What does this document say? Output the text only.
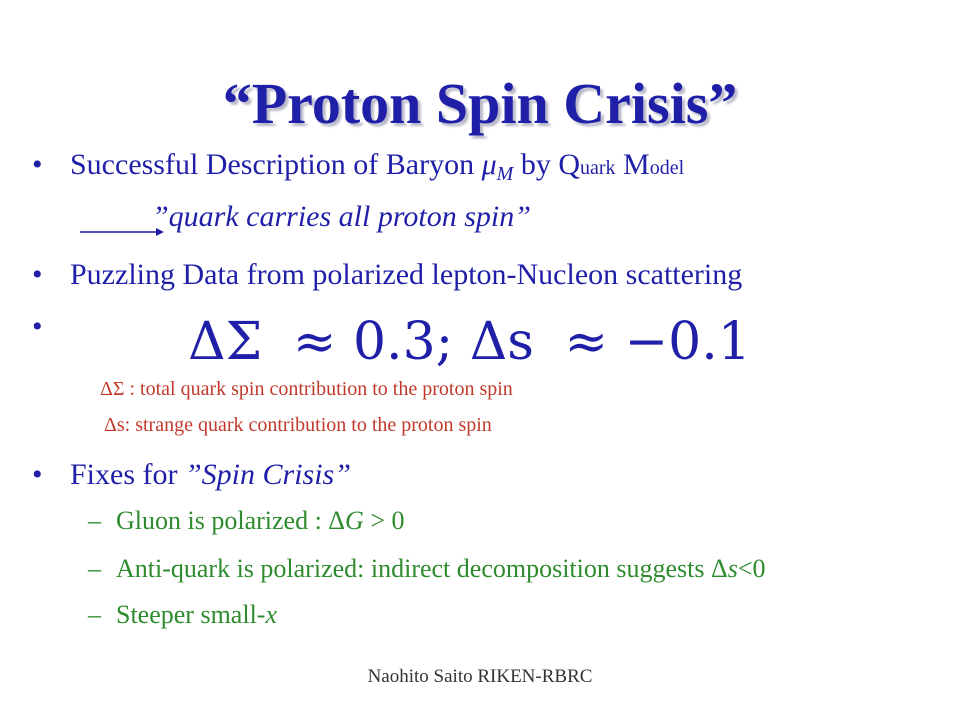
“Proton Spin Crisis”
• Successful Description of Baryon $\mu_M$ by Quark Model
”quark carries all proton spin”
• Puzzling Data from polarized lepton-Nucleon scattering
•	ΔΣ ≈ 0.3; Δs ≈ −0.1
ΔΣ : total quark spin contribution to the proton spin
Δs: strange quark contribution to the proton spin
• Fixes for ”Spin Crisis”
– Gluon is polarized : ΔG > 0
– Anti-quark is polarized: indirect decomposition suggests Δs<0
– Steeper small-x
Naohito Saito RIKEN-RBRC
